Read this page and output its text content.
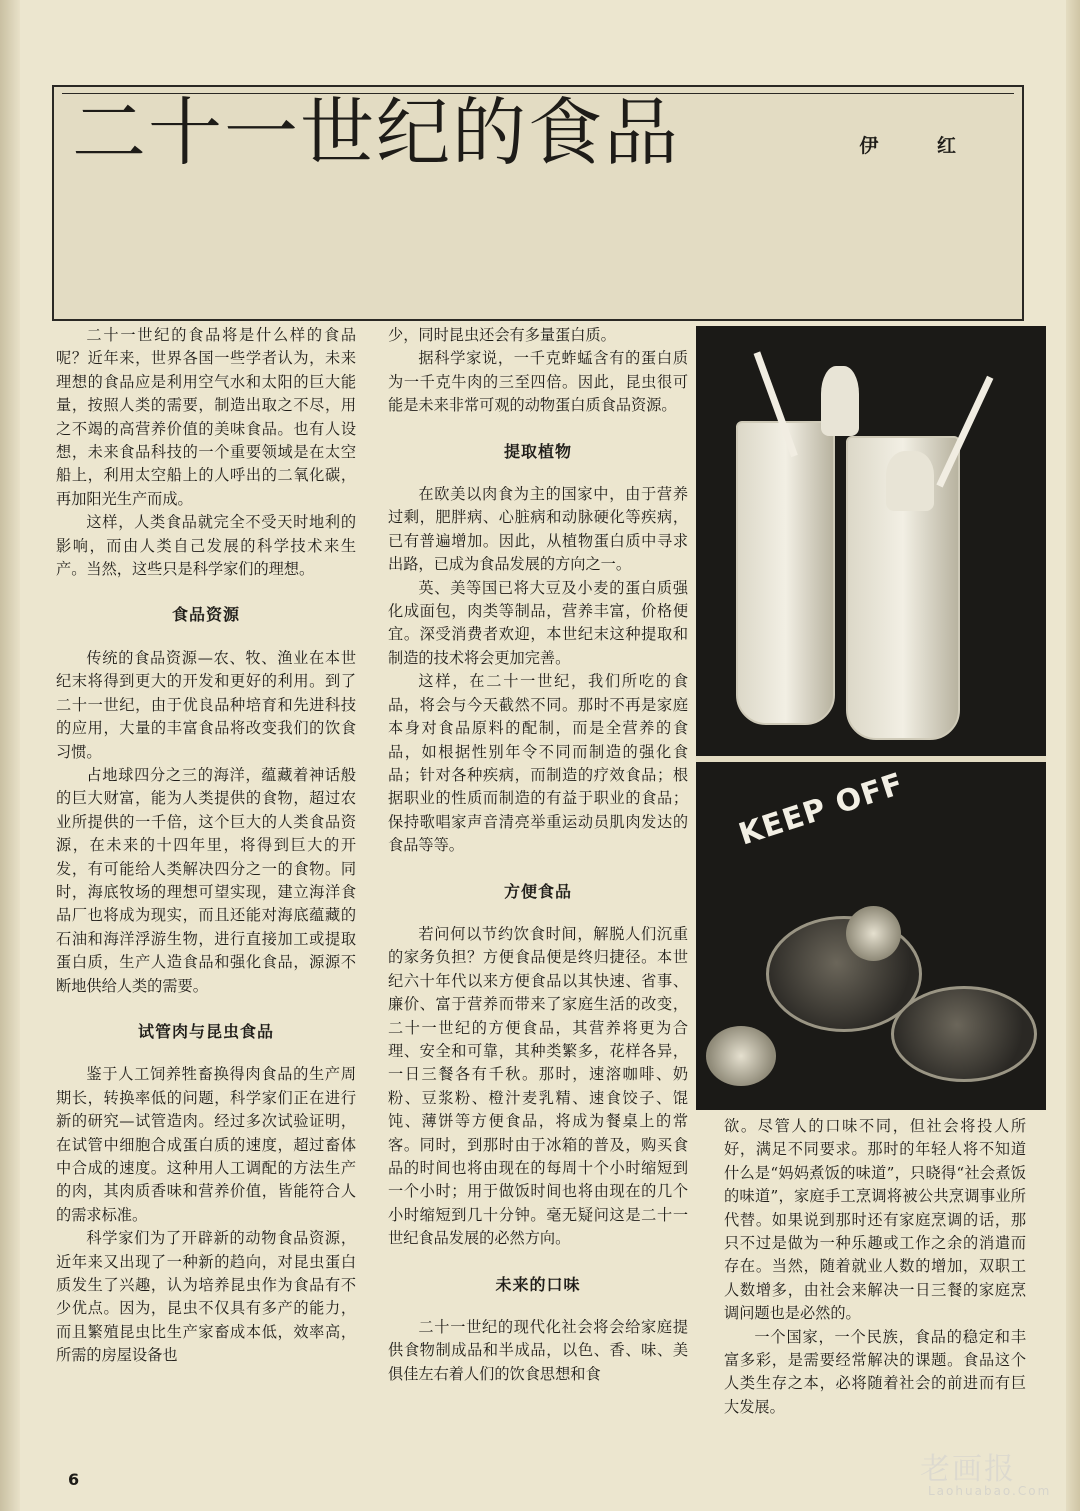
二十一世纪的食品	伊 红

二十一世纪的食品将是什么样的食品呢？近年来，世界各国一些学者认为，未来理想的食品应是利用空气水和太阳的巨大能量，按照人类的需要，制造出取之不尽，用之不竭的高营养价值的美味食品。也有人设想，未来食品科技的一个重要领域是在太空船上，利用太空船上的人呼出的二氧化碳，再加阳光生产而成。

这样，人类食品就完全不受天时地利的影响，而由人类自己发展的科学技术来生产。当然，这些只是科学家们的理想。

食品资源

传统的食品资源—农、牧、渔业在本世纪末将得到更大的开发和更好的利用。到了二十一世纪，由于优良品种培育和先进科技的应用，大量的丰富食品将改变我们的饮食习惯。

占地球四分之三的海洋，蕴藏着神话般的巨大财富，能为人类提供的食物，超过农业所提供的一千倍，这个巨大的人类食品资源，在未来的十四年里，将得到巨大的开发，有可能给人类解决四分之一的食物。同时，海底牧场的理想可望实现，建立海洋食品厂也将成为现实，而且还能对海底蕴藏的石油和海洋浮游生物，进行直接加工或提取蛋白质，生产人造食品和强化食品，源源不断地供给人类的需要。

试管肉与昆虫食品

鉴于人工饲养牲畜换得肉食品的生产周期长，转换率低的问题，科学家们正在进行新的研究—试管造肉。经过多次试验证明，在试管中细胞合成蛋白质的速度，超过畜体中合成的速度。这种用人工调配的方法生产的肉，其肉质香味和营养价值，皆能符合人的需求标准。

科学家们为了开辟新的动物食品资源，近年来又出现了一种新的趋向，对昆虫蛋白质发生了兴趣，认为培养昆虫作为食品有不少优点。因为，昆虫不仅具有多产的能力，而且繁殖昆虫比生产家畜成本低，效率高，所需的房屋设备也

少，同时昆虫还会有多量蛋白质。

据科学家说，一千克蚱蜢含有的蛋白质为一千克牛肉的三至四倍。因此，昆虫很可能是未来非常可观的动物蛋白质食品资源。

提取植物

在欧美以肉食为主的国家中，由于营养过剩，肥胖病、心脏病和动脉硬化等疾病，已有普遍增加。因此，从植物蛋白质中寻求出路，已成为食品发展的方向之一。

英、美等国已将大豆及小麦的蛋白质强化成面包，肉类等制品，营养丰富，价格便宜。深受消费者欢迎，本世纪末这种提取和制造的技术将会更加完善。

这样，在二十一世纪，我们所吃的食品，将会与今天截然不同。那时不再是家庭本身对食品原料的配制，而是全营养的食品，如根据性别年令不同而制造的强化食品；针对各种疾病，而制造的疗效食品；根据职业的性质而制造的有益于职业的食品；保持歌唱家声音清亮举重运动员肌肉发达的食品等等。

方便食品

若问何以节约饮食时间，解脱人们沉重的家务负担？方便食品便是终归捷径。本世纪六十年代以来方便食品以其快速、省事、廉价、富于营养而带来了家庭生活的改变，二十一世纪的方便食品，其营养将更为合理、安全和可靠，其种类繁多，花样各异，一日三餐各有千秋。那时，速溶咖啡、奶粉、豆浆粉、橙汁麦乳精、速食饺子、馄饨、薄饼等方便食品，将成为餐桌上的常客。同时，到那时由于冰箱的普及，购买食品的时间也将由现在的每周十个小时缩短到一个小时；用于做饭时间也将由现在的几个小时缩短到几十分钟。毫无疑问这是二十一世纪食品发展的必然方向。

未来的口味

二十一世纪的现代化社会将会给家庭提供食物制成品和半成品，以色、香、味、美俱佳左右着人们的饮食思想和食

KEEP OFF

欲。尽管人的口味不同，但社会将投人所好，满足不同要求。那时的年轻人将不知道什么是“妈妈煮饭的味道”，只晓得“社会煮饭的味道”，家庭手工烹调将被公共烹调事业所代替。如果说到那时还有家庭烹调的话，那只不过是做为一种乐趣或工作之余的消遣而存在。当然，随着就业人数的增加，双职工人数增多，由社会来解决一日三餐的家庭烹调问题也是必然的。

一个国家，一个民族，食品的稳定和丰富多彩，是需要经常解决的课题。食品这个人类生存之本，必将随着社会的前进而有巨大发展。

6	老画报
Laohuabao.Com
